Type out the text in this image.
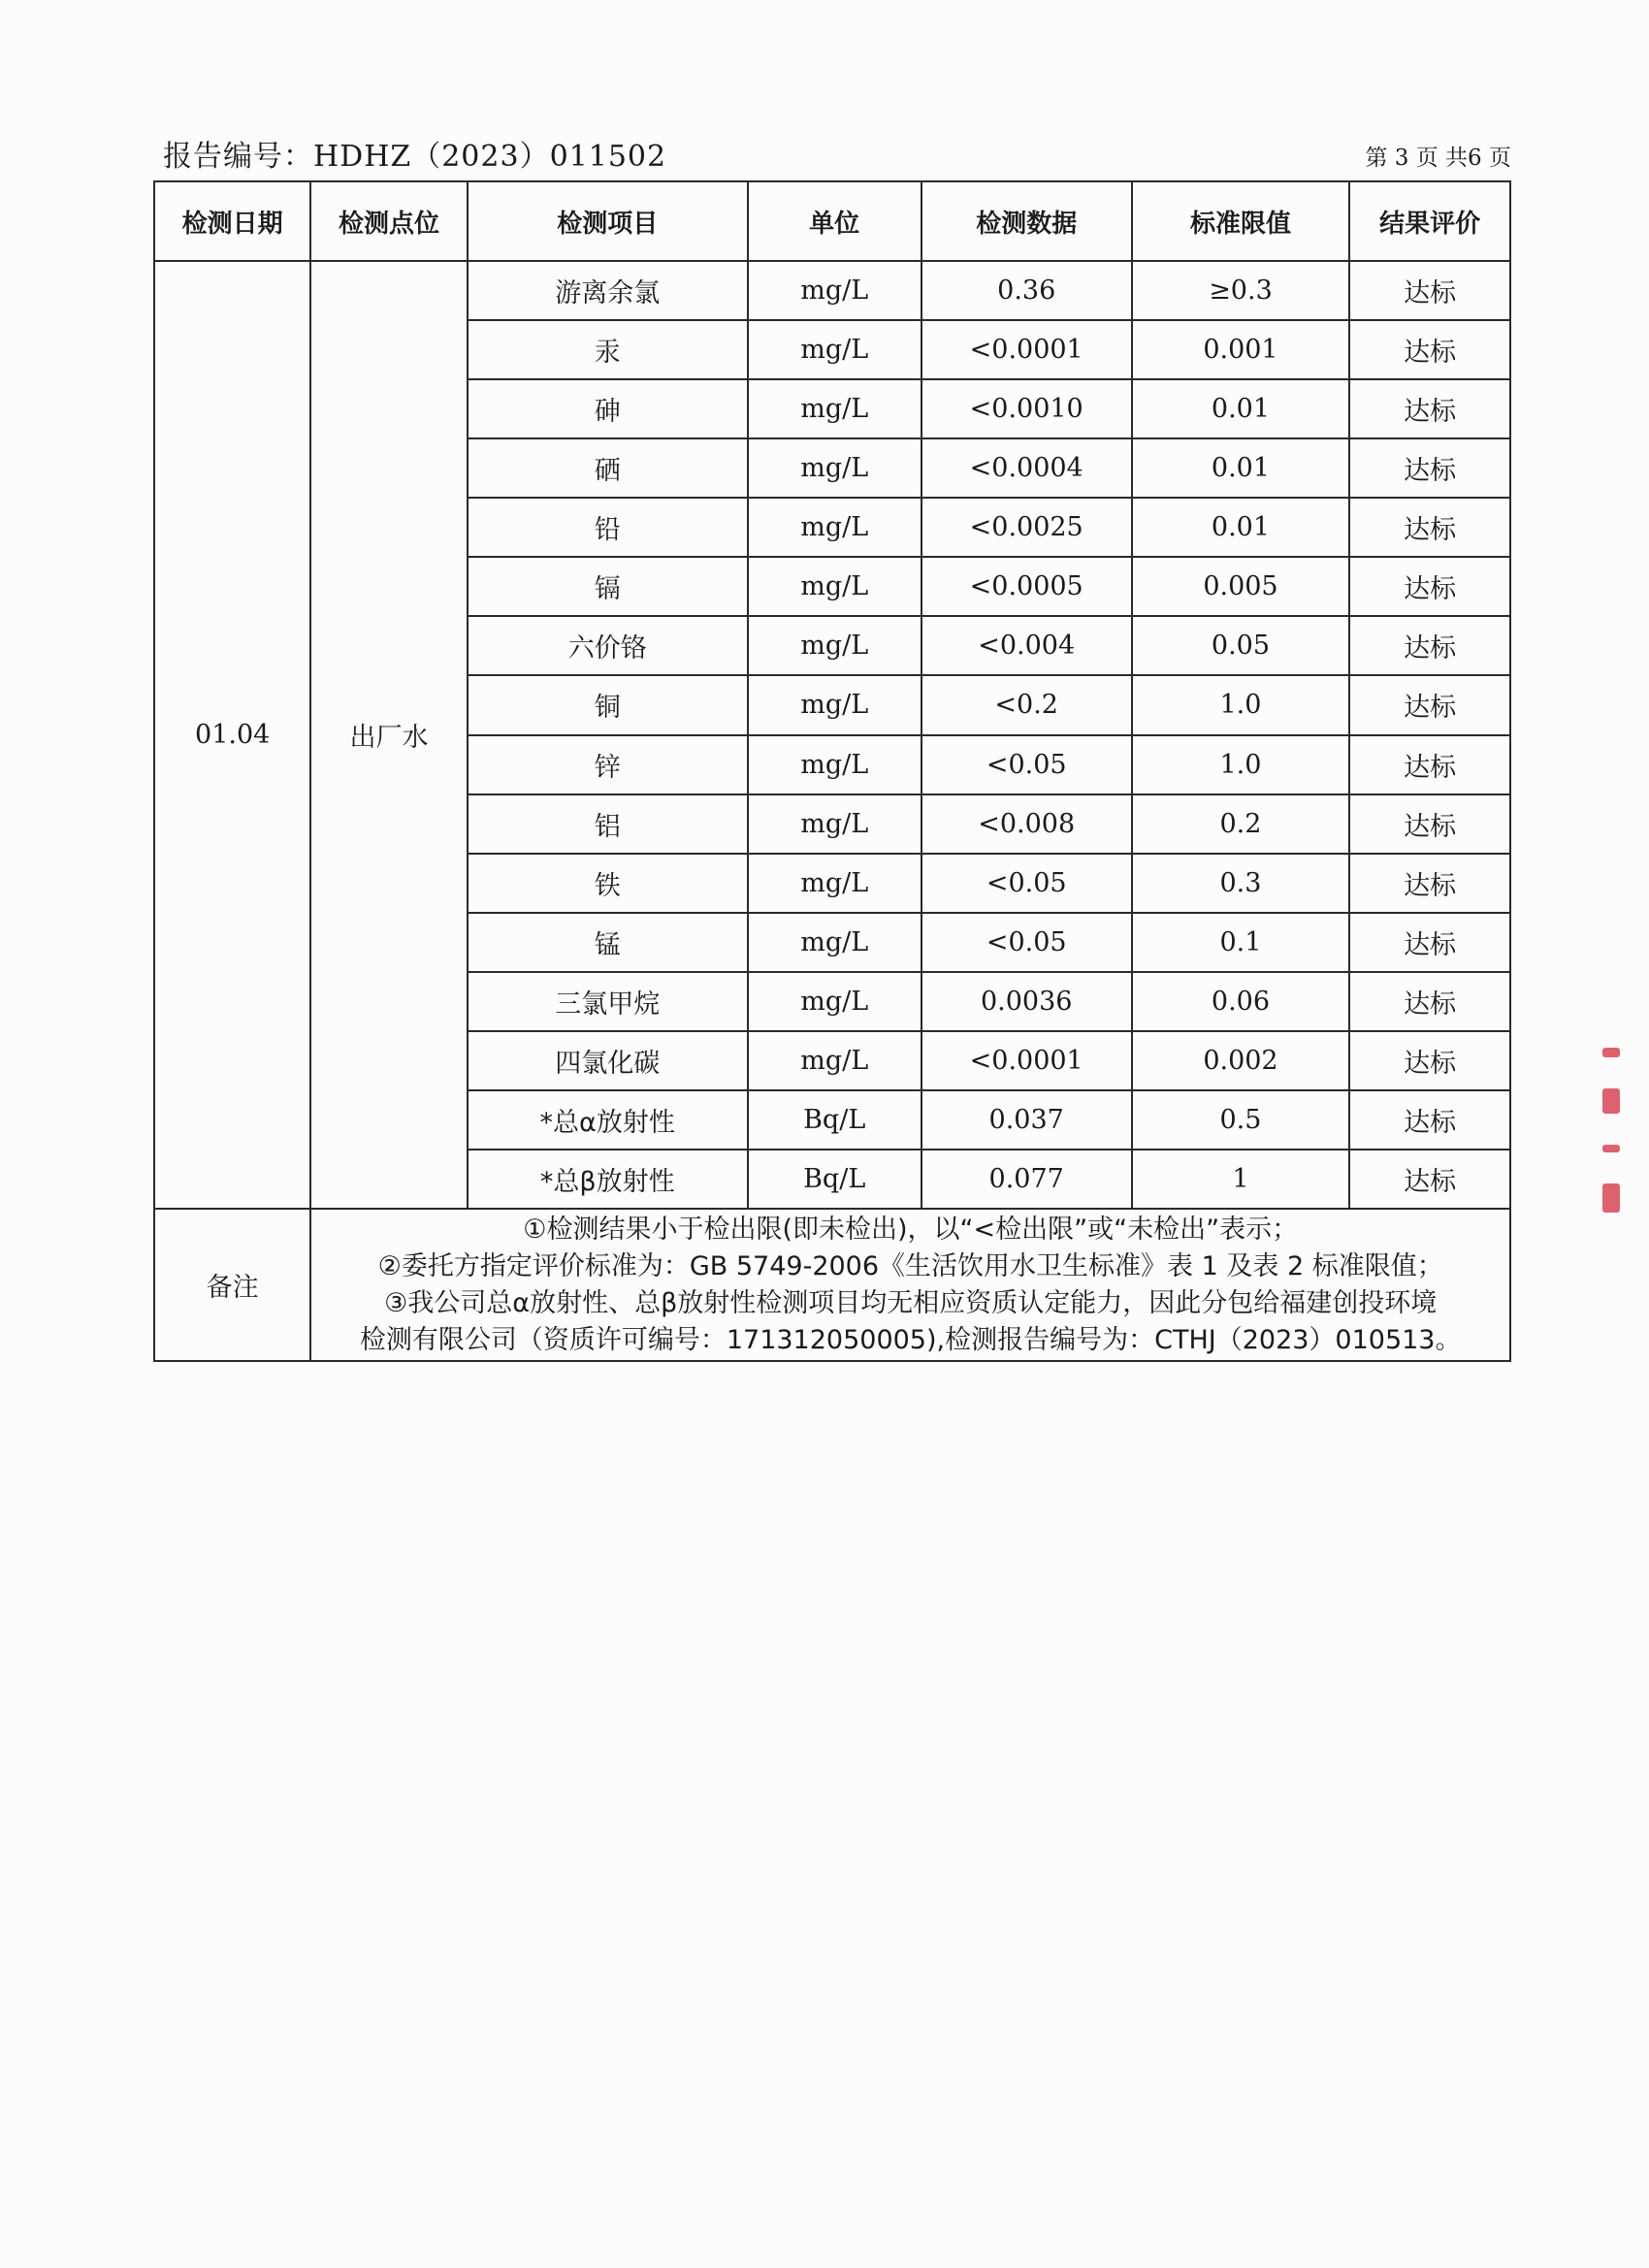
报告编号：HDHZ（2023）011502	第 3 页 共6 页
检测日期	检测点位	检测项目	单位	检测数据	标准限值	结果评价
01.04	出厂水	游离余氯	mg/L	0.36	≥0.3	达标
		汞	mg/L	<0.0001	0.001	达标
		砷	mg/L	<0.0010	0.01	达标
		硒	mg/L	<0.0004	0.01	达标
		铅	mg/L	<0.0025	0.01	达标
		镉	mg/L	<0.0005	0.005	达标
		六价铬	mg/L	<0.004	0.05	达标
		铜	mg/L	<0.2	1.0	达标
		锌	mg/L	<0.05	1.0	达标
		铝	mg/L	<0.008	0.2	达标
		铁	mg/L	<0.05	0.3	达标
		锰	mg/L	<0.05	0.1	达标
		三氯甲烷	mg/L	0.0036	0.06	达标
		四氯化碳	mg/L	<0.0001	0.002	达标
		*总α放射性	Bq/L	0.037	0.5	达标
		*总β放射性	Bq/L	0.077	1	达标
备注	①检测结果小于检出限(即未检出)，以“<检出限”或“未检出”表示；
②委托方指定评价标准为：GB 5749-2006《生活饮用水卫生标准》表 1 及表 2 标准限值；
③我公司总α放射性、总β放射性检测项目均无相应资质认定能力，因此分包给福建创投环境
检测有限公司（资质许可编号：171312050005),检测报告编号为：CTHJ（2023）010513。					
